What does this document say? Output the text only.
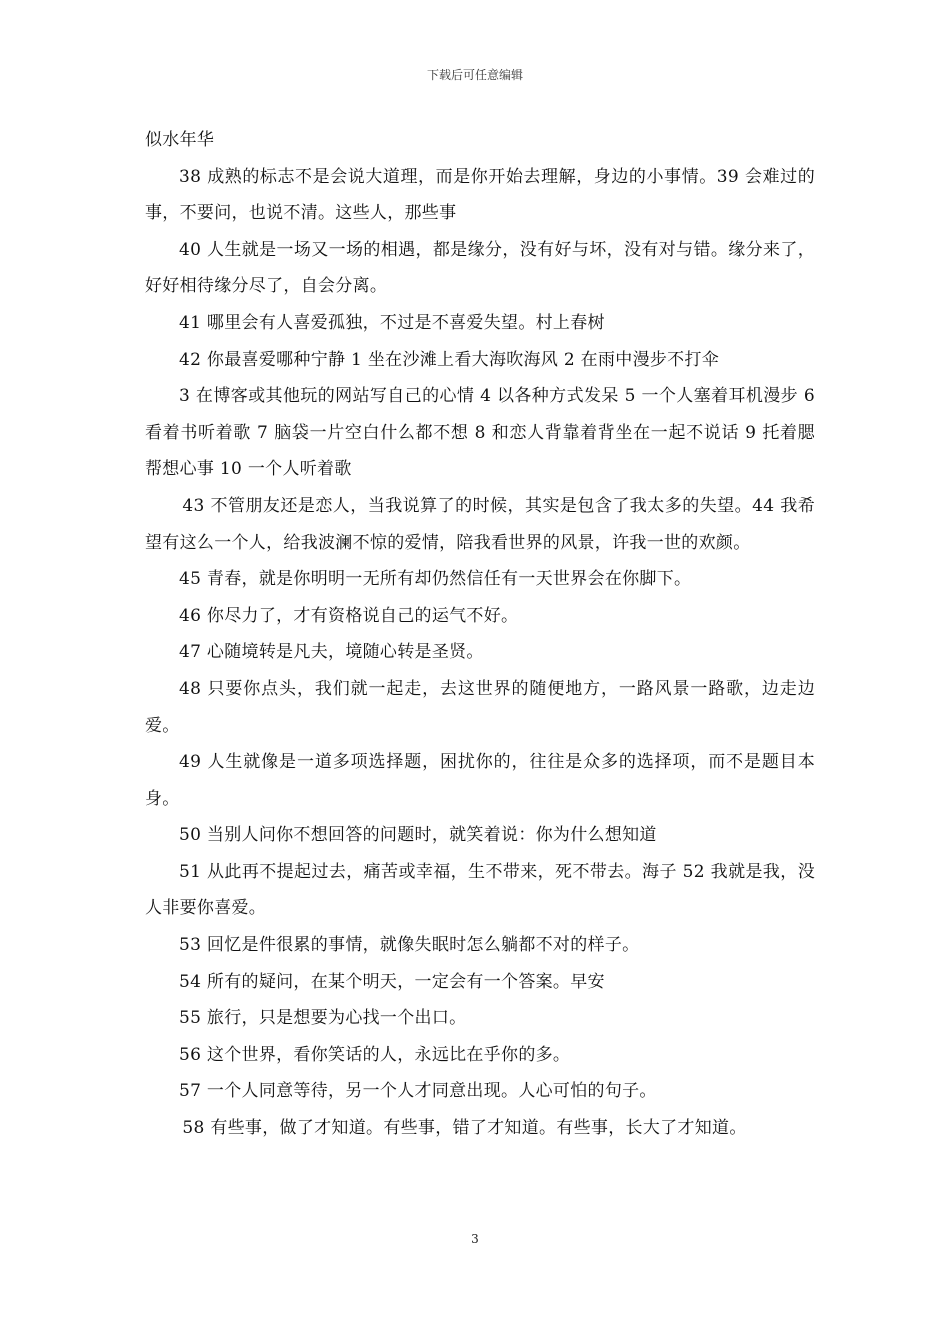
下载后可任意编辑

似水年华

38 成熟的标志不是会说大道理，而是你开始去理解，身边的小事情。39 会难过的事，不要问，也说不清。这些人，那些事

40 人生就是一场又一场的相遇，都是缘分，没有好与坏，没有对与错。缘分来了，好好相待缘分尽了，自会分离。

41 哪里会有人喜爱孤独，不过是不喜爱失望。村上春树

42 你最喜爱哪种宁静 1 坐在沙滩上看大海吹海风 2 在雨中漫步不打伞

3 在博客或其他玩的网站写自己的心情 4 以各种方式发呆 5 一个人塞着耳机漫步 6 看着书听着歌 7 脑袋一片空白什么都不想 8 和恋人背靠着背坐在一起不说话 9 托着腮帮想心事 10 一个人听着歌

43 不管朋友还是恋人，当我说算了的时候，其实是包含了我太多的失望。44 我希望有这么一个人，给我波澜不惊的爱情，陪我看世界的风景，许我一世的欢颜。

45 青春，就是你明明一无所有却仍然信任有一天世界会在你脚下。

46 你尽力了，才有资格说自己的运气不好。

47 心随境转是凡夫，境随心转是圣贤。

48 只要你点头，我们就一起走，去这世界的随便地方，一路风景一路歌，边走边爱。

49 人生就像是一道多项选择题，困扰你的，往往是众多的选择项，而不是题目本身。

50 当别人问你不想回答的问题时，就笑着说：你为什么想知道

51 从此再不提起过去，痛苦或幸福，生不带来，死不带去。海子 52 我就是我，没人非要你喜爱。

53 回忆是件很累的事情，就像失眠时怎么躺都不对的样子。

54 所有的疑问，在某个明天，一定会有一个答案。早安

55 旅行，只是想要为心找一个出口。

56 这个世界，看你笑话的人，永远比在乎你的多。

57 一个人同意等待，另一个人才同意出现。人心可怕的句子。

58 有些事，做了才知道。有些事，错了才知道。有些事，长大了才知道。

3
